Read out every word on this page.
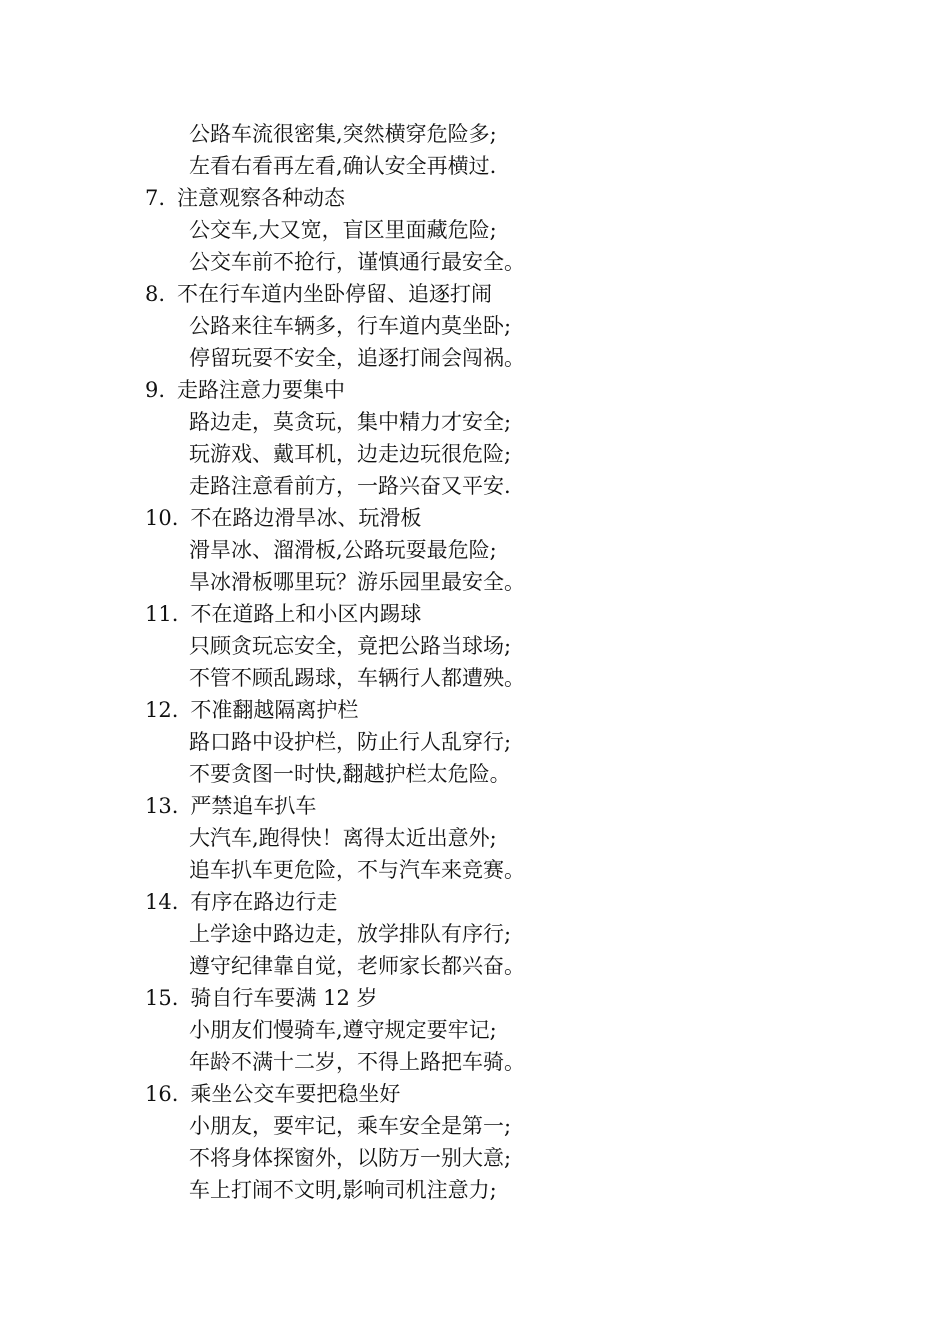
公路车流很密集,突然横穿危险多;
左看右看再左看,确认安全再横过.
7. 注意观察各种动态
公交车,大又宽，盲区里面藏危险;
公交车前不抢行，谨慎通行最安全。
8. 不在行车道内坐卧停留、追逐打闹
公路来往车辆多，行车道内莫坐卧;
停留玩耍不安全，追逐打闹会闯祸。
9. 走路注意力要集中
路边走，莫贪玩，集中精力才安全;
玩游戏、戴耳机，边走边玩很危险;
走路注意看前方，一路兴奋又平安.
10. 不在路边滑旱冰、玩滑板
滑旱冰、溜滑板,公路玩耍最危险;
旱冰滑板哪里玩？游乐园里最安全。
11. 不在道路上和小区内踢球
只顾贪玩忘安全，竟把公路当球场;
不管不顾乱踢球，车辆行人都遭殃。
12. 不准翻越隔离护栏
路口路中设护栏，防止行人乱穿行;
不要贪图一时快,翻越护栏太危险。
13. 严禁追车扒车
大汽车,跑得快！离得太近出意外;
追车扒车更危险，不与汽车来竞赛。
14. 有序在路边行走
上学途中路边走，放学排队有序行;
遵守纪律靠自觉，老师家长都兴奋。
15. 骑自行车要满 12 岁
小朋友们慢骑车,遵守规定要牢记;
年龄不满十二岁，不得上路把车骑。
16. 乘坐公交车要把稳坐好
小朋友，要牢记，乘车安全是第一;
不将身体探窗外，以防万一别大意;
车上打闹不文明,影响司机注意力;
